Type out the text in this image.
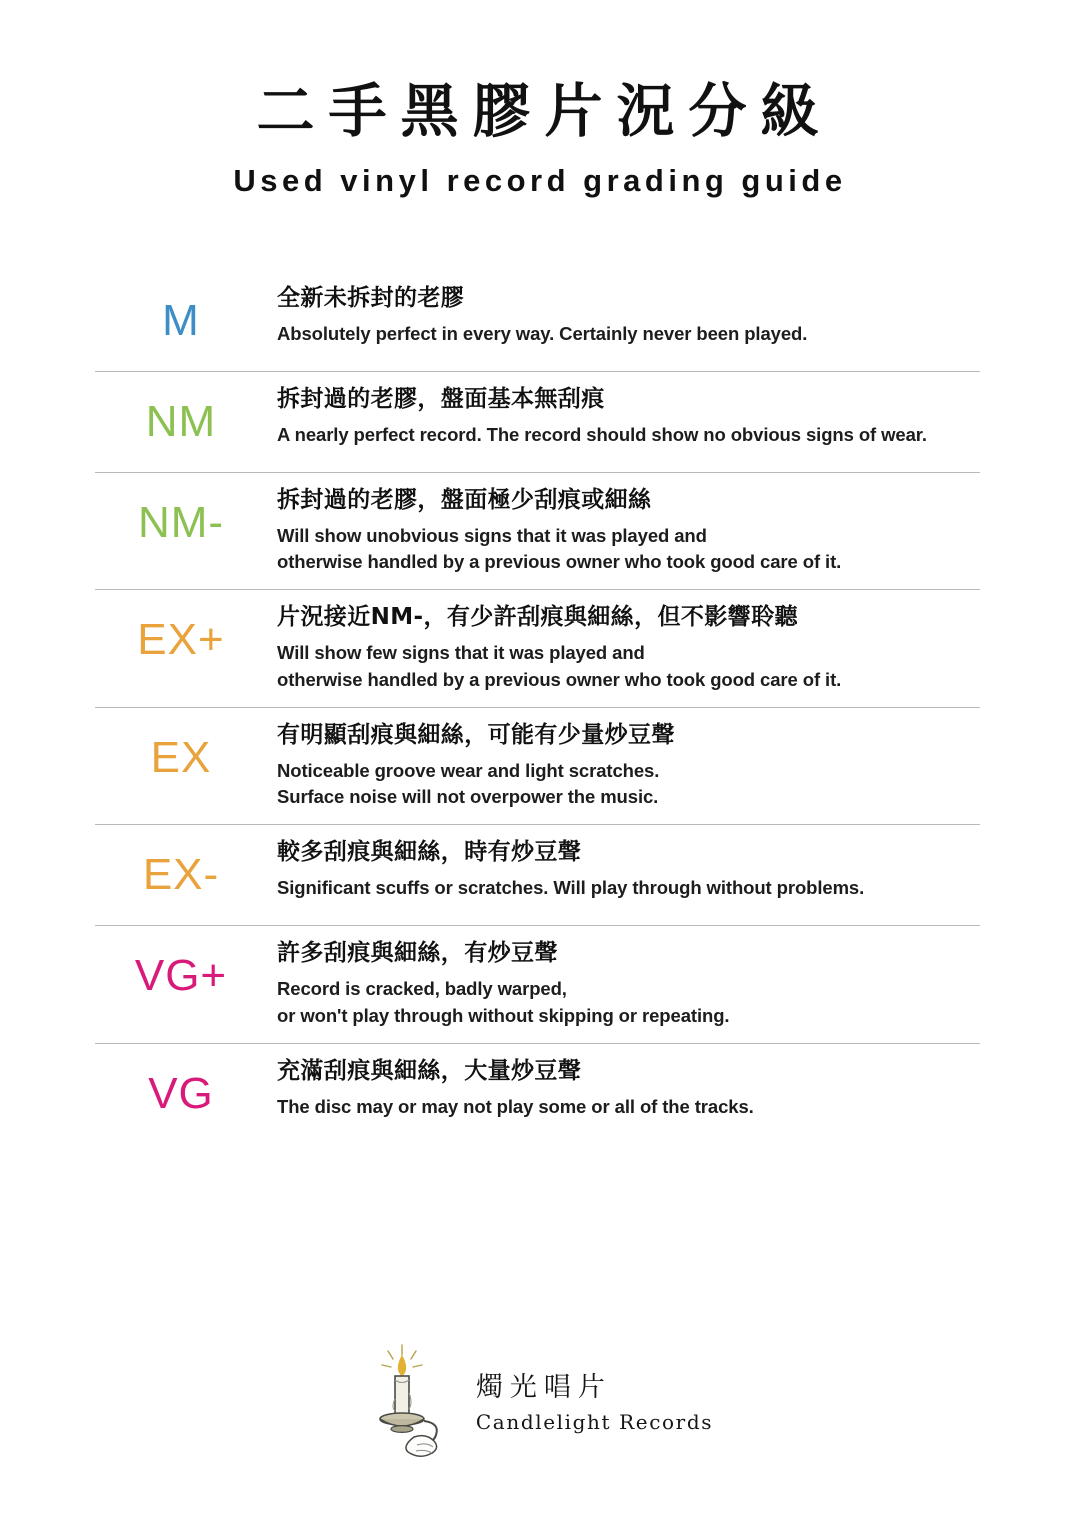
二手黑膠片況分級
Used vinyl record grading guide
M	全新未拆封的老膠
Absolutely perfect in every way. Certainly never been played.
NM	拆封過的老膠，盤面基本無刮痕
A nearly perfect record. The record should show no obvious signs of wear.
NM-	拆封過的老膠，盤面極少刮痕或細絲
Will show unobvious signs that it was played and
otherwise handled by a previous owner who took good care of it.
EX+	片況接近NM-，有少許刮痕與細絲，但不影響聆聽
Will show few signs that it was played and
otherwise handled by a previous owner who took good care of it.
EX	有明顯刮痕與細絲，可能有少量炒豆聲
Noticeable groove wear and light scratches.
Surface noise will not overpower the music.
EX-	較多刮痕與細絲，時有炒豆聲
Significant scuffs or scratches. Will play through without problems.
VG+	許多刮痕與細絲，有炒豆聲
Record is cracked, badly warped,
or won't play through without skipping or repeating.
VG	充滿刮痕與細絲，大量炒豆聲
The disc may or may not play some or all of the tracks.
燭光唱片
Candlelight Records
